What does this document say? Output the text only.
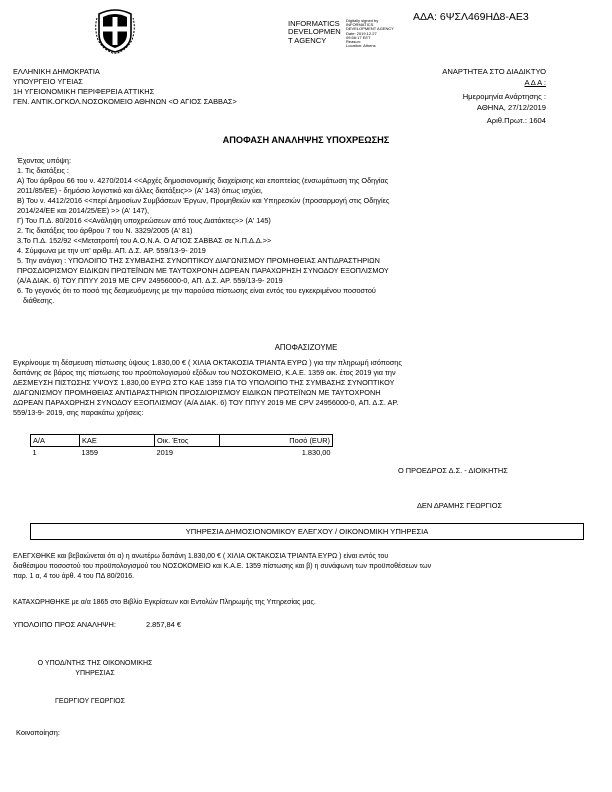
ΑΔΑ: 6ΨΣΛ469Η∆8-ΑΕ3
INFORMATICS
DEVELOPMEN
T AGENCY
Digitally signed by
INFORMATICS
DEVELOPMENT AGENCY
Date: 2019.12.27
09:58:17 EET
Reason:
Location: Athens
ΕΛΛΗΝΙΚΗ ΔΗΜΟΚΡΑΤΙΑ
ΥΠΟΥΡΓΕΙΟ ΥΓΕΙΑΣ
1Η ΥΓΕΙΟΝΟΜΙΚΗ ΠΕΡΙΦΕΡΕΙΑ ΑΤΤΙΚΗΣ
ΓΕΝ. ΑΝΤΙΚ.ΟΓΚΟΛ.ΝΟΣΟΚΟΜΕΙΟ ΑΘΗΝΩΝ <Ο ΑΓΙΟΣ ΣΑΒΒΑΣ>
ΑΝΑΡΤΗΤΕΑ ΣΤΟ ΔΙΑΔΙΚΤΥΟ
Α Δ Α :
Ημερομηνία Ανάρτησης :
ΑΘΗΝΑ, 27/12/2019
Αριθ.Πρωτ.: 1604
ΑΠΟΦΑΣΗ ΑΝΑΛΗΨΗΣ ΥΠΟΧΡΕΩΣΗΣ
Έχοντας υπόψη:
1. Τις διατάξεις :
Α) Του άρθρου 66 του ν. 4270/2014 <<Αρχές δημοσιονομικής διαχείρισης και εποπτείας (ενσωμάτωση της Οδηγίας
2011/85/ΕΕ) - δημόσιο λογιστικό και άλλες διατάξεις>> (Α' 143) όπως ισχύει,
Β) Του ν. 4412/2016 <<περί Δημοσίων Συμβάσεων Έργων, Προμηθειών και Υπηρεσιών (προσαρμογή στις Οδηγίες
2014/24/ΕΕ και 2014/25/ΕΕ) >> (Α' 147),
Γ) Του Π.Δ. 80/2016 <<Ανάληψη υποχρεώσεων από τους Διατάκτες>> (Α' 145)
2. Τις διατάξεις του άρθρου 7 του Ν. 3329/2005 (Α' 81)
3.Το Π.Δ. 152/92 <<Μετατροπή του Α.Ο.Ν.Α. Ο ΑΓΙΟΣ ΣΑΒΒΑΣ σε Ν.Π.Δ.Δ.>>
4. Σύμφωνα με την υπ' αριθμ. ΑΠ. Δ.Σ. ΑΡ. 559/13-9- 2019
5. Την ανάγκη : ΥΠΟΛΟΙΠΟ ΤΗΣ ΣΥΜΒΑΣΗΣ ΣΥΝΟΠΤΙΚΟΥ ΔΙΑΓΩΝΙΣΜΟΥ ΠΡΟΜΗΘΕΙΑΣ ΑΝΤΙΔΡΑΣΤΗΡΙΩΝ
ΠΡΟΣΔΙΟΡΙΣΜΟΥ ΕΙΔΙΚΩΝ ΠΡΩΤΕΪΝΩΝ ΜΕ ΤΑΥΤΟΧΡΟΝΗ ΔΩΡΕΑΝ ΠΑΡΑΧΩΡΗΣΗ ΣΥΝΟΔΟΥ ΕΞΟΠΛΙΣΜΟΥ
(Α/Α ΔΙΑΚ. 6) ΤΟΥ ΠΠΥΥ 2019 ΜΕ CPV 24956000-0, ΑΠ. Δ.Σ. ΑΡ. 559/13-9- 2019
6. Το γεγονός ότι το ποσό της δεσμευόμενης με την παρούσα πίστωσης είναι εντός του εγκεκριμένου ποσοστού
διάθεσης.
ΑΠΟΦΑΣΙΖΟΥΜΕ
Εγκρίνουμε τη δέσμευση πίστωσης ύψους 1.830,00 € ( ΧΙΛΙΑ ΟΚΤΑΚΟΣΙΑ ΤΡΙΑΝΤΑ ΕΥΡΩ ) για την πληρωμή ισόποσης
δαπάνης σε βάρος της πίστωσης του προϋπολογισμού εξόδων του ΝΟΣΟΚΟΜΕΙΟ, Κ.Α.Ε. 1359 οικ. έτος 2019 για την
ΔΕΣΜΕΥΣΗ ΠΙΣΤΩΣΗΣ ΥΨΟΥΣ 1.830,00 ΕΥΡΩ ΣΤΟ ΚΑΕ 1359 ΓΙΑ ΤΟ ΥΠΟΛΟΙΠΟ ΤΗΣ ΣΥΜΒΑΣΗΣ ΣΥΝΟΠΤΙΚΟΥ
ΔΙΑΓΩΝΙΣΜΟΥ ΠΡΟΜΗΘΕΙΑΣ ΑΝΤΙΔΡΑΣΤΗΡΙΩΝ ΠΡΟΣΔΙΟΡΙΣΜΟΥ ΕΙΔΙΚΩΝ ΠΡΩΤΕΪΝΩΝ ΜΕ ΤΑΥΤΟΧΡΟΝΗ
ΔΩΡΕΑΝ ΠΑΡΑΧΩΡΗΣΗ ΣΥΝΟΔΟΥ ΕΞΟΠΛΙΣΜΟΥ (Α/Α ΔΙΑΚ. 6) ΤΟΥ ΠΠΥΥ 2019 ΜΕ CPV 24956000-0, ΑΠ. Δ.Σ. ΑΡ.
559/13-9- 2019, σης παρακάτω χρήσεις:
Α/Α	ΚΑΕ	Οικ. Έτος	Ποσό (EUR)
1	1359	2019	1.830,00
Ο ΠΡΟΕΔΡΟΣ Δ.Σ. - ΔΙΟΙΚΗΤΗΣ
ΔΕΝ ΔΡΑΜΗΣ ΓΕΩΡΓΙΟΣ
ΥΠΗΡΕΣΙΑ ΔΗΜΟΣΙΟΝΟΜΙΚΟΥ ΕΛΕΓΧΟΥ / ΟΙΚΟΝΟΜΙΚΗ ΥΠΗΡΕΣΙΑ
ΕΛΕΓΧΘΗΚΕ και βεβαιώνεται ότι α) η ανωτέρω δαπάνη 1.830,00 € ( ΧΙΛΙΑ ΟΚΤΑΚΟΣΙΑ ΤΡΙΑΝΤΑ ΕΥΡΩ ) είναι εντός του
διαθέσιμου ποσοστού του προϋπολογισμού του ΝΟΣΟΚΟΜΕΙΟ και Κ.Α.Ε. 1359 πίστωσης και β) η συνάφωνη των προϋποθέσεων των
παρ. 1 α, 4 του άρθ. 4 του ΠΔ 80/2016.
ΚΑΤΑΧΩΡΗΘΗΚΕ με α/α 1865 στο Βιβλίο Εγκρίσεων και Εντολών Πληρωμής της Υπηρεσίας μας.
ΥΠΟΛΟΙΠΟ ΠΡΟΣ ΑΝΑΛΗΨΗ:	2.857,84 €
Ο ΥΠΟΔ/ΝΤΗΣ ΤΗΣ ΟΙΚΟΝΟΜΙΚΗΣ
ΥΠΗΡΕΣΙΑΣ
ΓΕΩΡΓΙΟΥ ΓΕΩΡΓΙΟΣ
Κοινοποίηση:
